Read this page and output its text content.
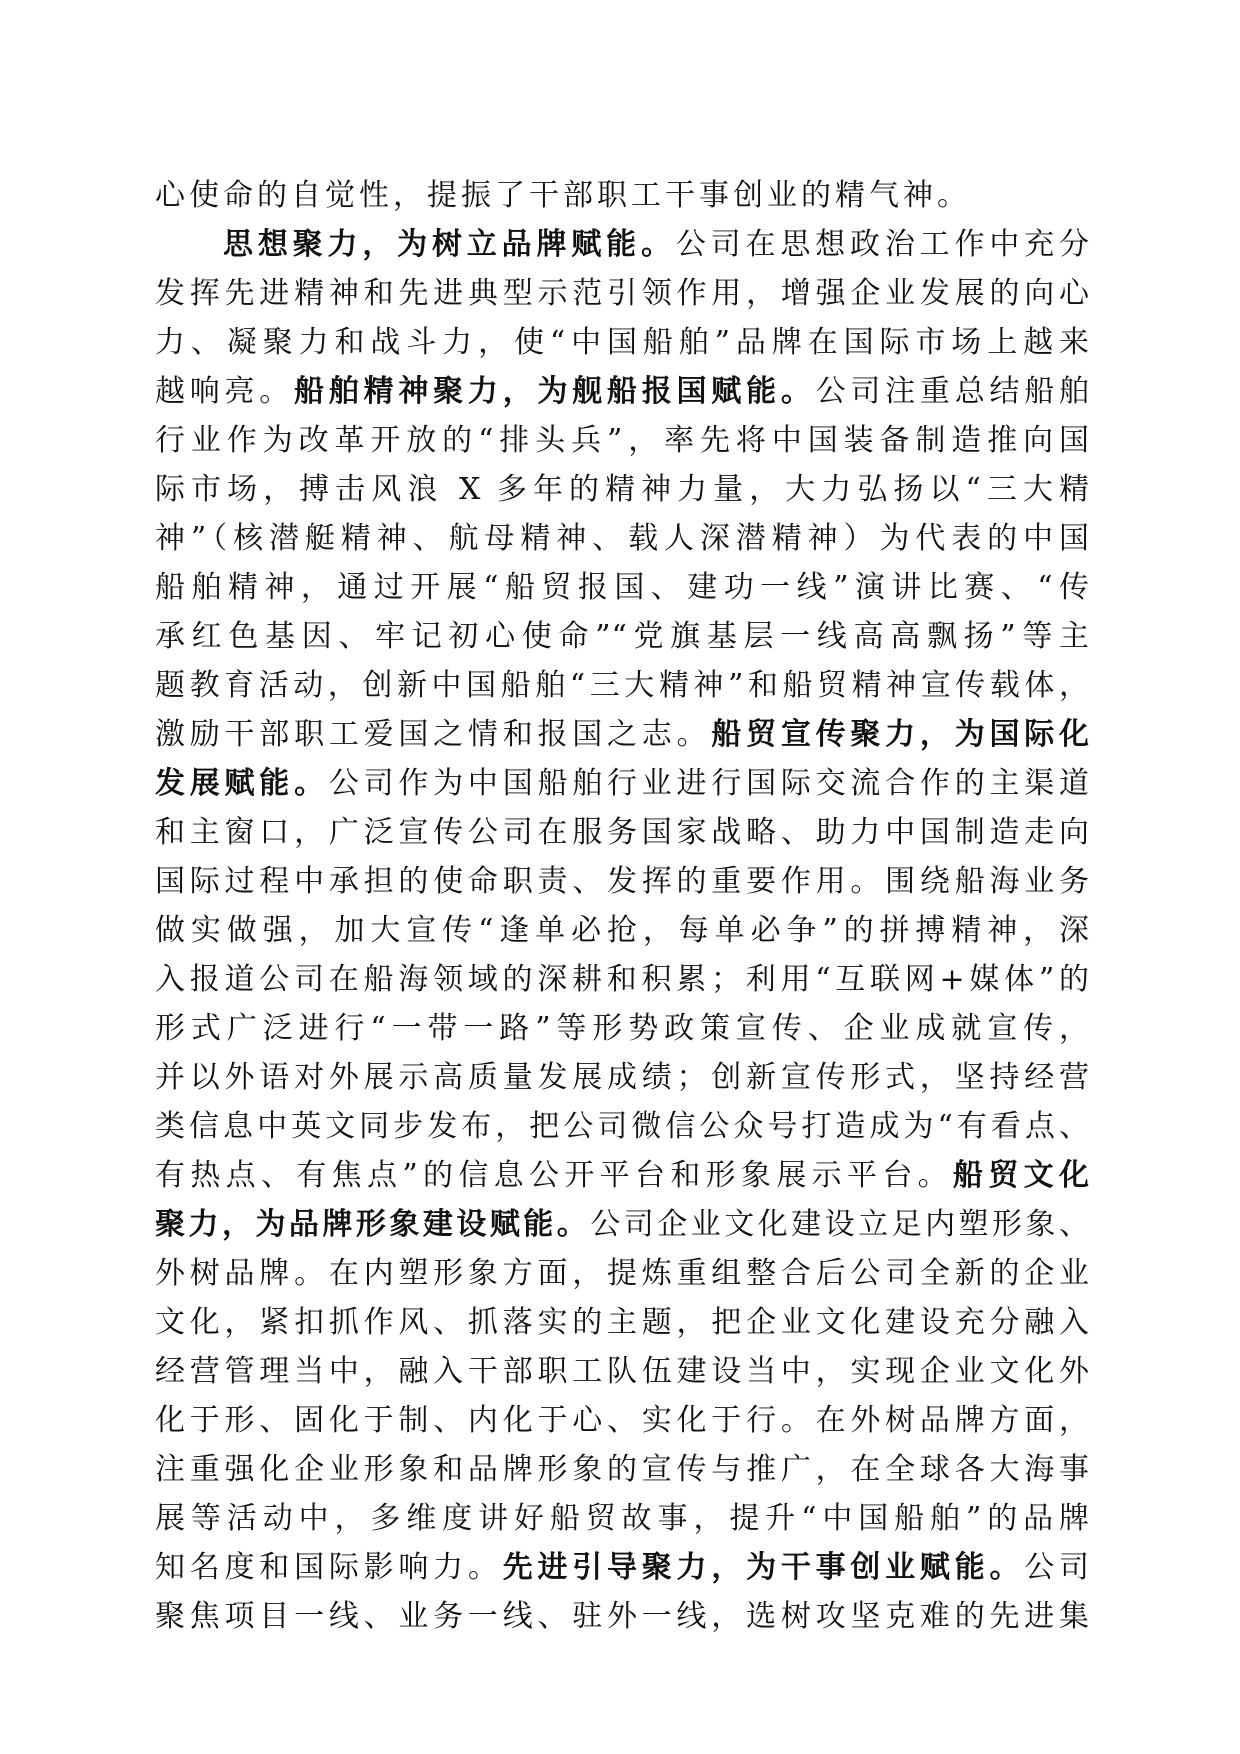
心使命的自觉性，提振了干部职工干事创业的精气神。
思想聚力，为树立品牌赋能。公司在思想政治工作中充分
发挥先进精神和先进典型示范引领作用，增强企业发展的向心
力、凝聚力和战斗力，使“中国船舶”品牌在国际市场上越来
越响亮。船舶精神聚力，为舰船报国赋能。公司注重总结船舶
行业作为改革开放的“排头兵”，率先将中国装备制造推向国
际市场，搏击风浪 X 多年的精神力量，大力弘扬以“三大精
神”（核潜艇精神、航母精神、载人深潜精神）为代表的中国
船舶精神，通过开展“船贸报国、建功一线”演讲比赛、“传
承红色基因、牢记初心使命”“党旗基层一线高高飘扬”等主
题教育活动，创新中国船舶“三大精神”和船贸精神宣传载体，
激励干部职工爱国之情和报国之志。船贸宣传聚力，为国际化
发展赋能。公司作为中国船舶行业进行国际交流合作的主渠道
和主窗口，广泛宣传公司在服务国家战略、助力中国制造走向
国际过程中承担的使命职责、发挥的重要作用。围绕船海业务
做实做强，加大宣传“逢单必抢，每单必争”的拼搏精神，深
入报道公司在船海领域的深耕和积累；利用“互联网+媒体”的
形式广泛进行“一带一路”等形势政策宣传、企业成就宣传，
并以外语对外展示高质量发展成绩；创新宣传形式，坚持经营
类信息中英文同步发布，把公司微信公众号打造成为“有看点、
有热点、有焦点”的信息公开平台和形象展示平台。船贸文化
聚力，为品牌形象建设赋能。公司企业文化建设立足内塑形象、
外树品牌。在内塑形象方面，提炼重组整合后公司全新的企业
文化，紧扣抓作风、抓落实的主题，把企业文化建设充分融入
经营管理当中，融入干部职工队伍建设当中，实现企业文化外
化于形、固化于制、内化于心、实化于行。在外树品牌方面，
注重强化企业形象和品牌形象的宣传与推广，在全球各大海事
展等活动中，多维度讲好船贸故事，提升“中国船舶”的品牌
知名度和国际影响力。先进引导聚力，为干事创业赋能。公司
聚焦项目一线、业务一线、驻外一线，选树攻坚克难的先进集
